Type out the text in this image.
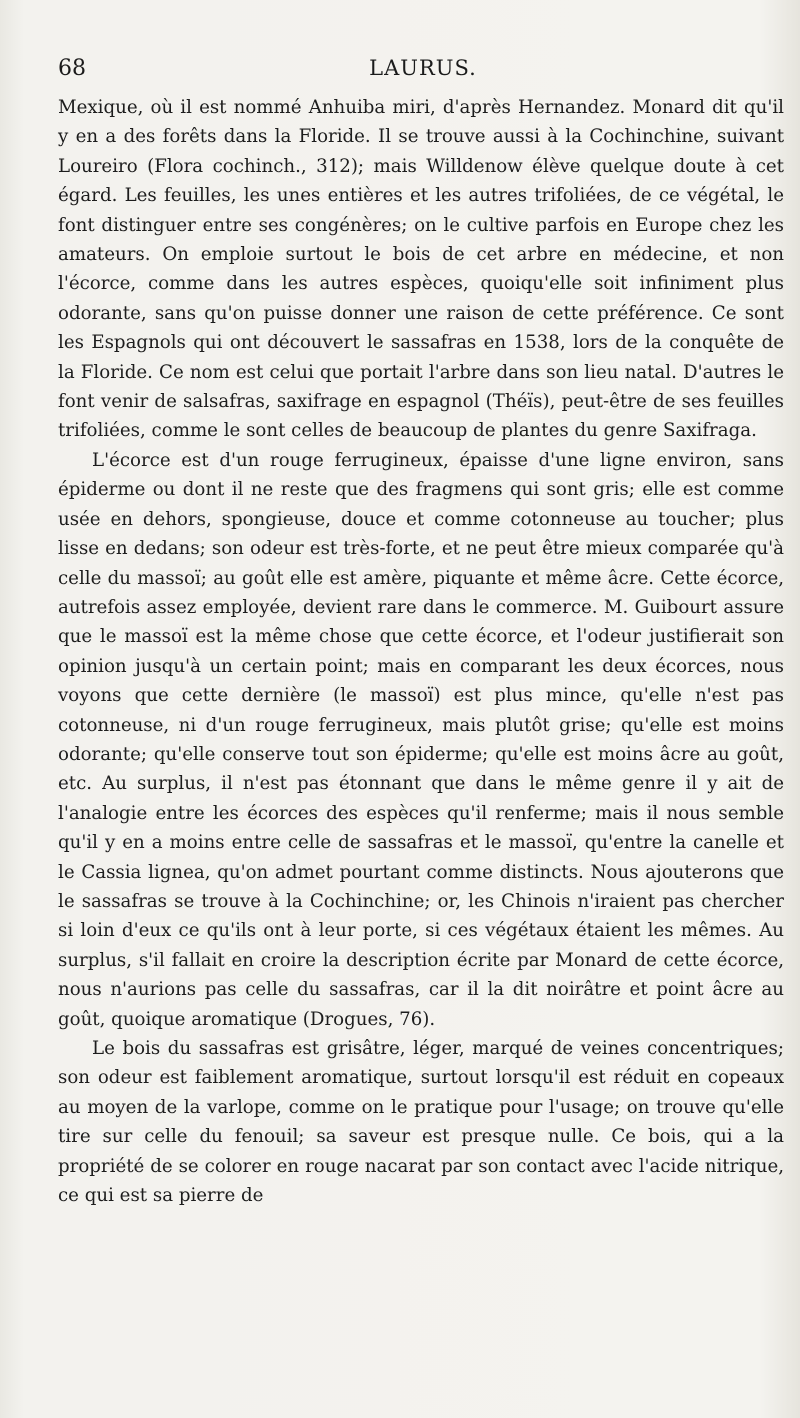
68	LAURUS.

Mexique, où il est nommé Anhuiba miri, d'après Hernandez. Monard dit qu'il y en a des forêts dans la Floride. Il se trouve aussi à la Cochinchine, suivant Loureiro (Flora cochinch., 312); mais Willdenow élève quelque doute à cet égard. Les feuilles, les unes entières et les autres trifoliées, de ce végétal, le font distinguer entre ses congénères; on le cultive parfois en Europe chez les amateurs. On emploie surtout le bois de cet arbre en médecine, et non l'écorce, comme dans les autres espèces, quoiqu'elle soit infiniment plus odorante, sans qu'on puisse donner une raison de cette préférence. Ce sont les Espagnols qui ont découvert le sassafras en 1538, lors de la conquête de la Floride. Ce nom est celui que portait l'arbre dans son lieu natal. D'autres le font venir de salsafras, saxifrage en espagnol (Théïs), peut-être de ses feuilles trifoliées, comme le sont celles de beaucoup de plantes du genre Saxifraga.

L'écorce est d'un rouge ferrugineux, épaisse d'une ligne environ, sans épiderme ou dont il ne reste que des fragmens qui sont gris; elle est comme usée en dehors, spongieuse, douce et comme cotonneuse au toucher; plus lisse en dedans; son odeur est très-forte, et ne peut être mieux comparée qu'à celle du massoï; au goût elle est amère, piquante et même âcre. Cette écorce, autrefois assez employée, devient rare dans le commerce. M. Guibourt assure que le massoï est la même chose que cette écorce, et l'odeur justifierait son opinion jusqu'à un certain point; mais en comparant les deux écorces, nous voyons que cette dernière (le massoï) est plus mince, qu'elle n'est pas cotonneuse, ni d'un rouge ferrugineux, mais plutôt grise; qu'elle est moins odorante; qu'elle conserve tout son épiderme; qu'elle est moins âcre au goût, etc. Au surplus, il n'est pas étonnant que dans le même genre il y ait de l'analogie entre les écorces des espèces qu'il renferme; mais il nous semble qu'il y en a moins entre celle de sassafras et le massoï, qu'entre la canelle et le Cassia lignea, qu'on admet pourtant comme distincts. Nous ajouterons que le sassafras se trouve à la Cochinchine; or, les Chinois n'iraient pas chercher si loin d'eux ce qu'ils ont à leur porte, si ces végétaux étaient les mêmes. Au surplus, s'il fallait en croire la description écrite par Monard de cette écorce, nous n'aurions pas celle du sassafras, car il la dit noirâtre et point âcre au goût, quoique aromatique (Drogues, 76).

Le bois du sassafras est grisâtre, léger, marqué de veines concentriques; son odeur est faiblement aromatique, surtout lorsqu'il est réduit en copeaux au moyen de la varlope, comme on le pratique pour l'usage; on trouve qu'elle tire sur celle du fenouil; sa saveur est presque nulle. Ce bois, qui a la propriété de se colorer en rouge nacarat par son contact avec l'acide nitrique, ce qui est sa pierre de
